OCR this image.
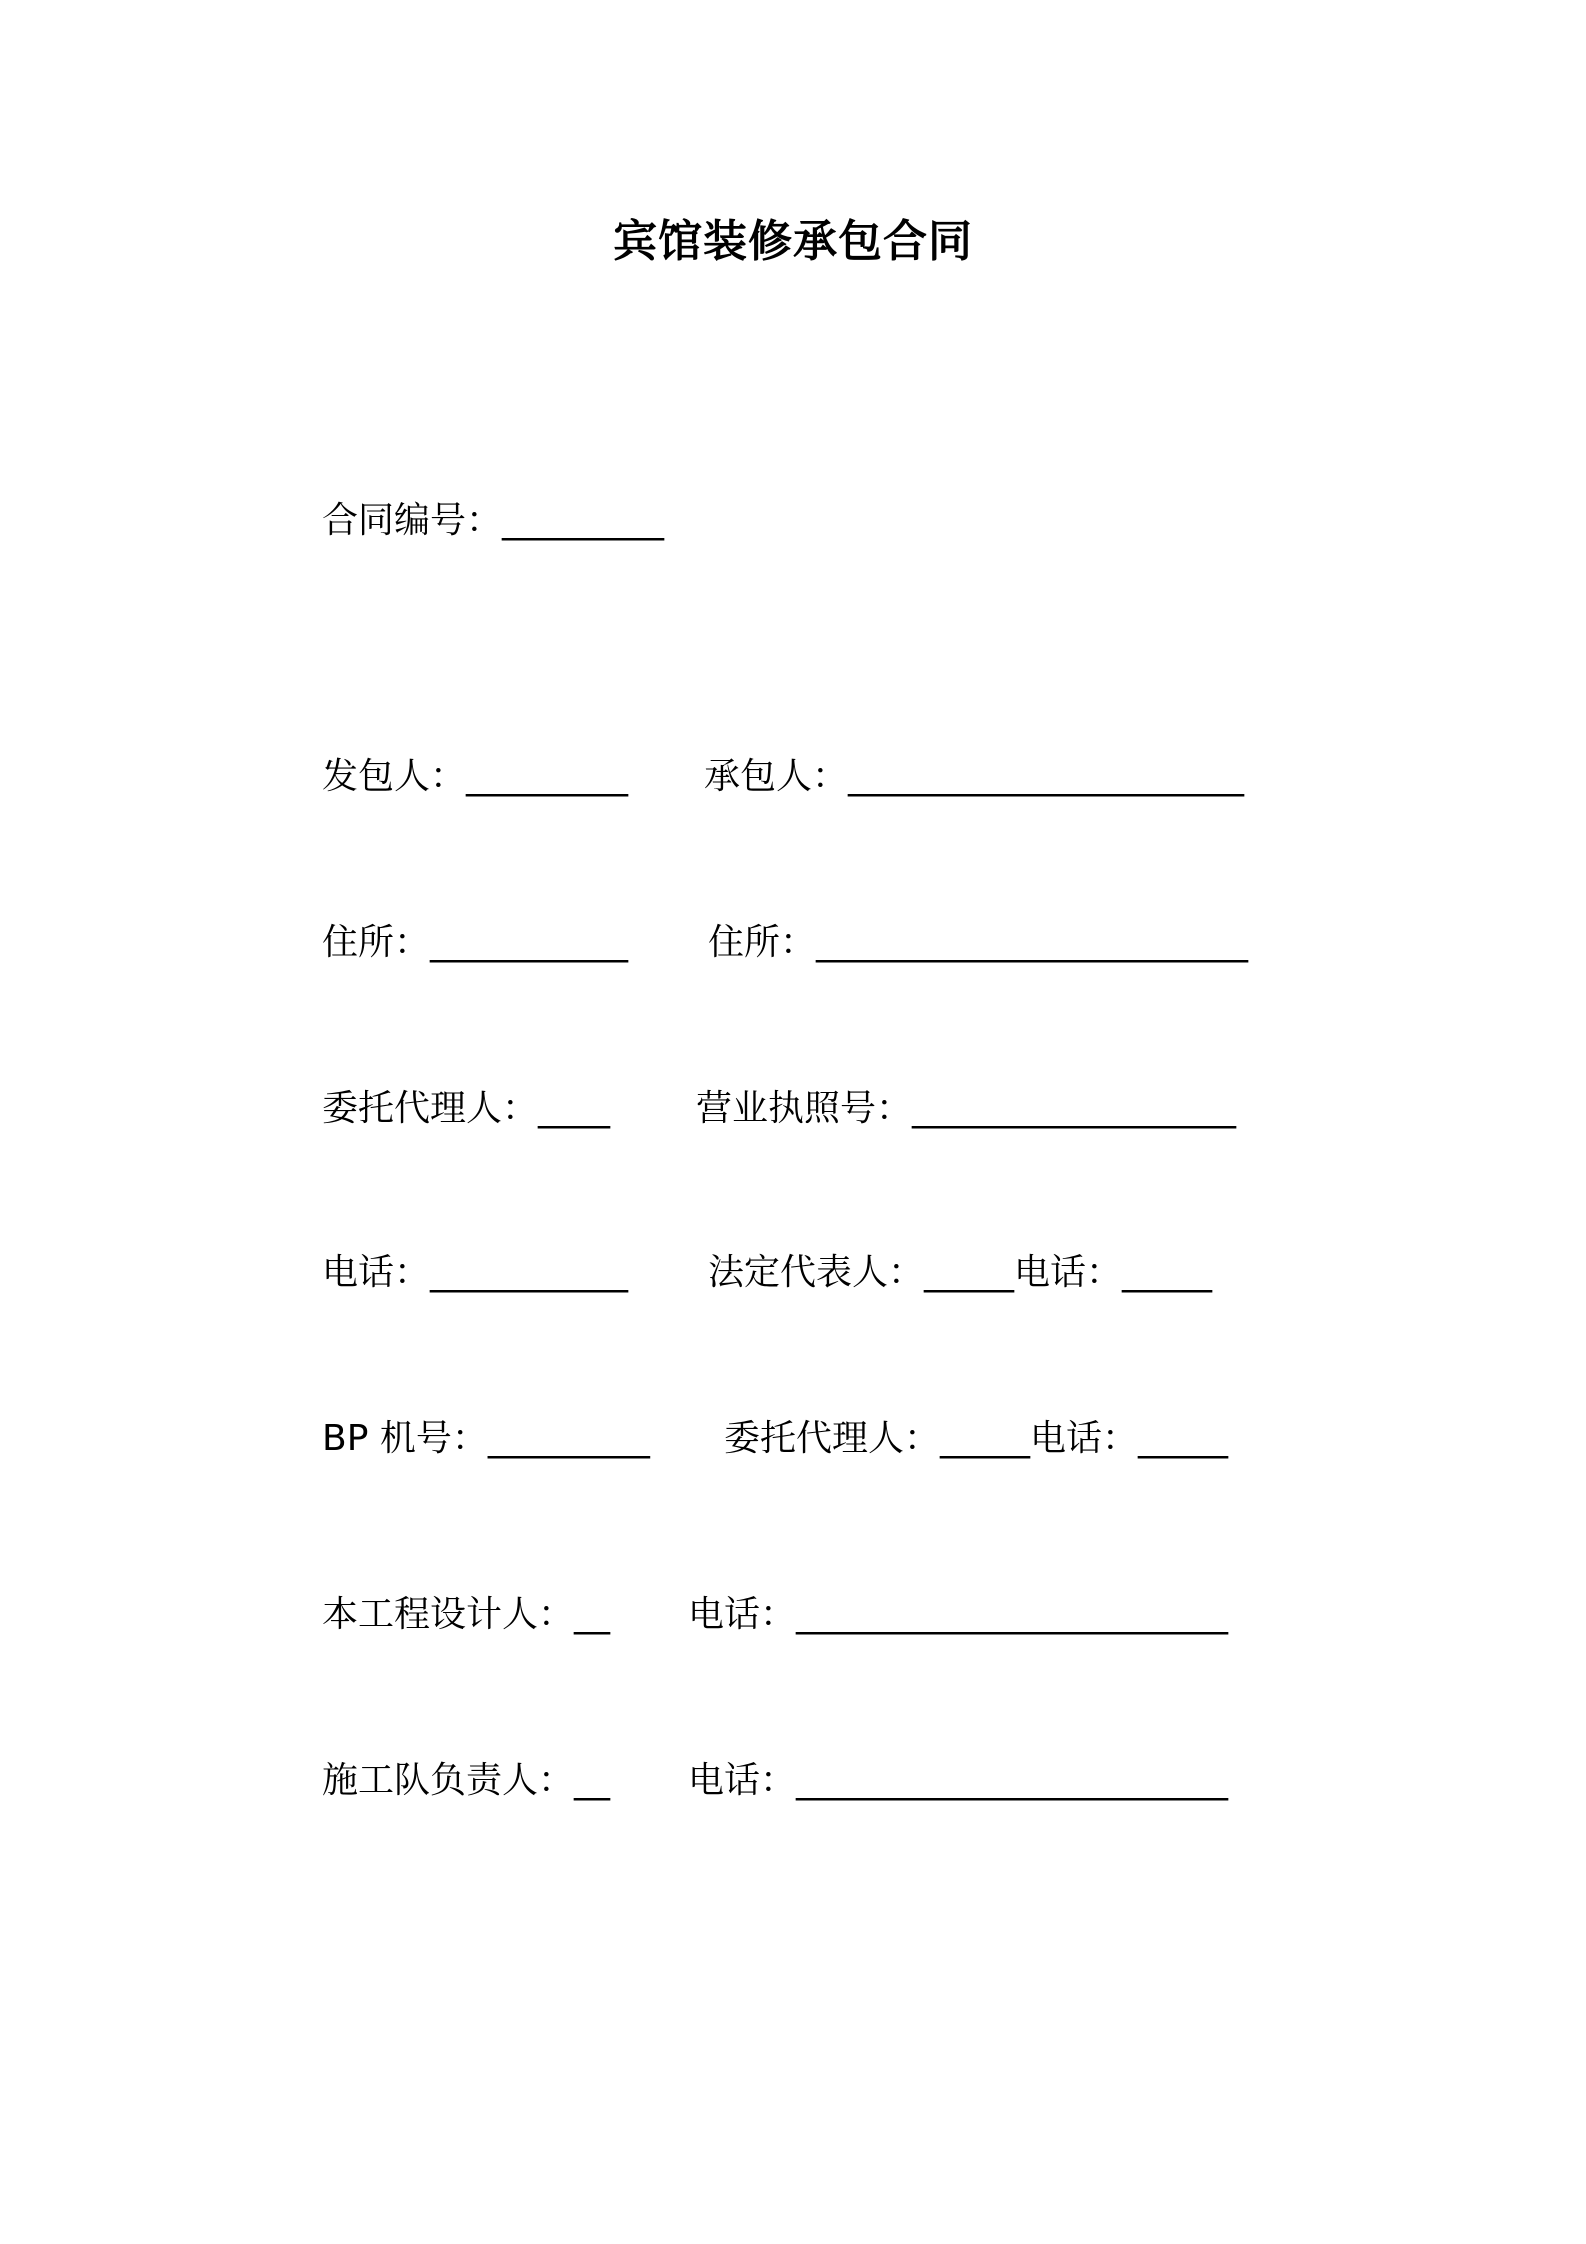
宾馆装修承包合同
合同编号：_________
发包人：_________ 承包人：______________________
住所：___________ 住所：________________________
委托代理人：____ 营业执照号：__________________
电话：___________ 法定代表人：_____电话：_____
BP 机号：_________ 委托代理人：_____电话：_____
本工程设计人：__ 电话：________________________
施工队负责人：__ 电话：________________________
